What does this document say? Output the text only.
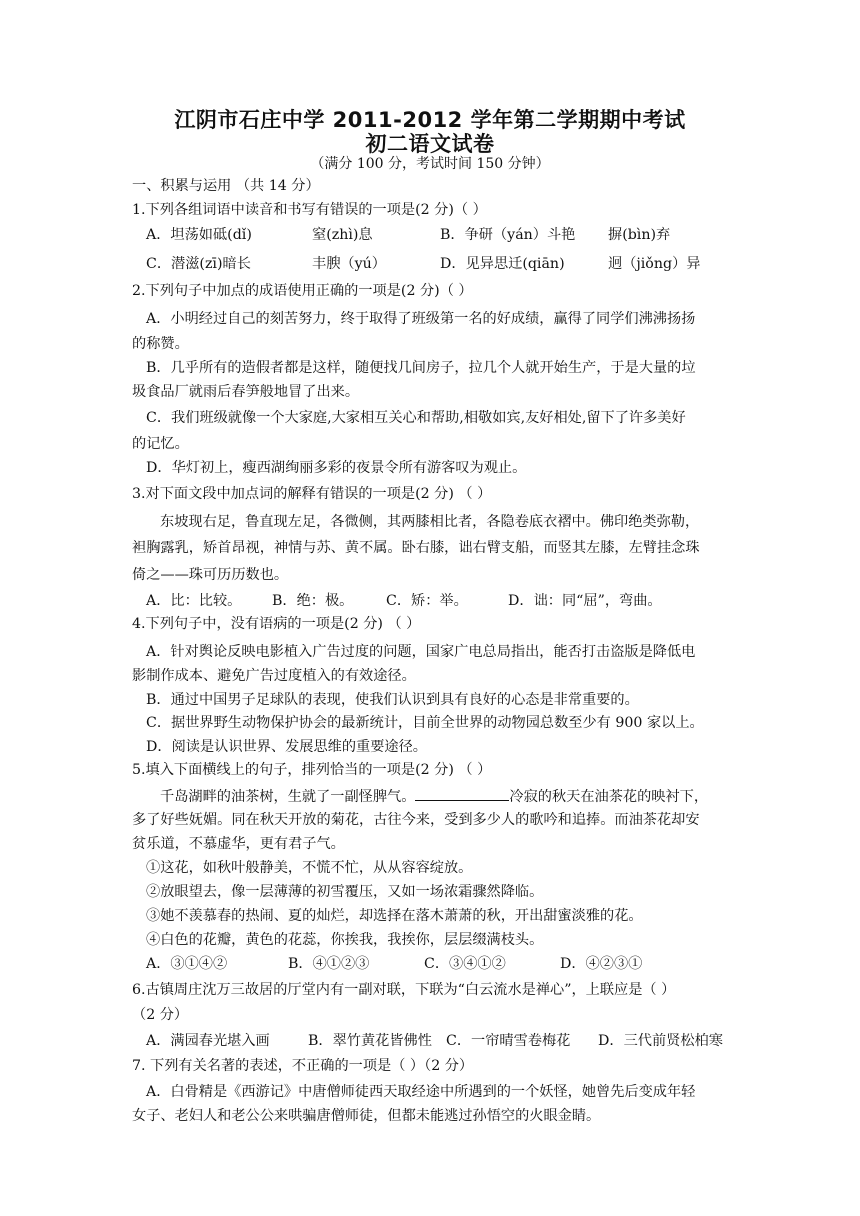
江阴市石庄中学 2011-2012 学年第二学期期中考试
初二语文试卷
（满分 100 分，考试时间 150 分钟）
一、积累与运用 （共 14 分）
1.下列各组词语中读音和书写有错误的一项是(2 分)（ ）
A．坦荡如砥(dǐ)	窒(zhì)息	B．争研（yán）斗艳 摒(bìn)弃
C．潜滋(zī)暗长	丰腴（yú）	D．见异思迁(qiān)	迥（jiǒng）异
2.下列句子中加点的成语使用正确的一项是(2 分)（ ）
A．小明经过自己的刻苦努力，终于取得了班级第一名的好成绩，赢得了同学们沸沸扬扬
的称赞。
B．几乎所有的造假者都是这样，随便找几间房子，拉几个人就开始生产，于是大量的垃
圾食品厂就雨后春笋般地冒了出来。
C．我们班级就像一个大家庭,大家相互关心和帮助,相敬如宾,友好相处,留下了许多美好
的记忆。
D．华灯初上，瘦西湖绚丽多彩的夜景令所有游客叹为观止。
3.对下面文段中加点词的解释有错误的一项是(2 分) （ ）
东坡现右足，鲁直现左足，各微侧，其两膝相比者，各隐卷底衣褶中。佛印绝类弥勒，
袒胸露乳，矫首昂视，神情与苏、黄不属。卧右膝，诎右臂支船，而竖其左膝，左臂挂念珠
倚之——珠可历历数也。
A．比：比较。 B．绝：极。 C．矫：举。	D．诎：同“屈”，弯曲。
4.下列句子中，没有语病的一项是(2 分) （ ）
A．针对舆论反映电影植入广告过度的问题，国家广电总局指出，能否打击盗版是降低电
影制作成本、避免广告过度植入的有效途径。
B．通过中国男子足球队的表现，使我们认识到具有良好的心态是非常重要的。
C．据世界野生动物保护协会的最新统计，目前全世界的动物园总数至少有 900 家以上。
D．阅读是认识世界、发展思维的重要途径。
5.填入下面横线上的句子，排列恰当的一项是(2 分) （ ）
千岛湖畔的油茶树，生就了一副怪脾气。	冷寂的秋天在油茶花的映衬下，
多了好些妩媚。同在秋天开放的菊花，古往今来，受到多少人的歌吟和追捧。而油茶花却安
贫乐道，不慕虚华，更有君子气。
①这花，如秋叶般静美，不慌不忙，从从容容绽放。
②放眼望去，像一层薄薄的初雪覆压，又如一场浓霜骤然降临。
③她不羡慕春的热闹、夏的灿烂，却选择在落木萧萧的秋，开出甜蜜淡雅的花。
④白色的花瓣，黄色的花蕊，你挨我，我挨你，层层缀满枝头。
A．③①④②	B．④①②③	C．③④①②	D．④②③①
6.古镇周庄沈万三故居的厅堂内有一副对联，下联为“白云流水是禅心”，上联应是（ ）
（2 分）
A．满园春光堪入画	B．翠竹黄花皆佛性 C．一帘晴雪卷梅花 D．三代前贤松柏寒
7. 下列有关名著的表述，不正确的一项是（ ）（2 分）
A．白骨精是《西游记》中唐僧师徒西天取经途中所遇到的一个妖怪，她曾先后变成年轻
女子、老妇人和老公公来哄骗唐僧师徒，但都未能逃过孙悟空的火眼金睛。
